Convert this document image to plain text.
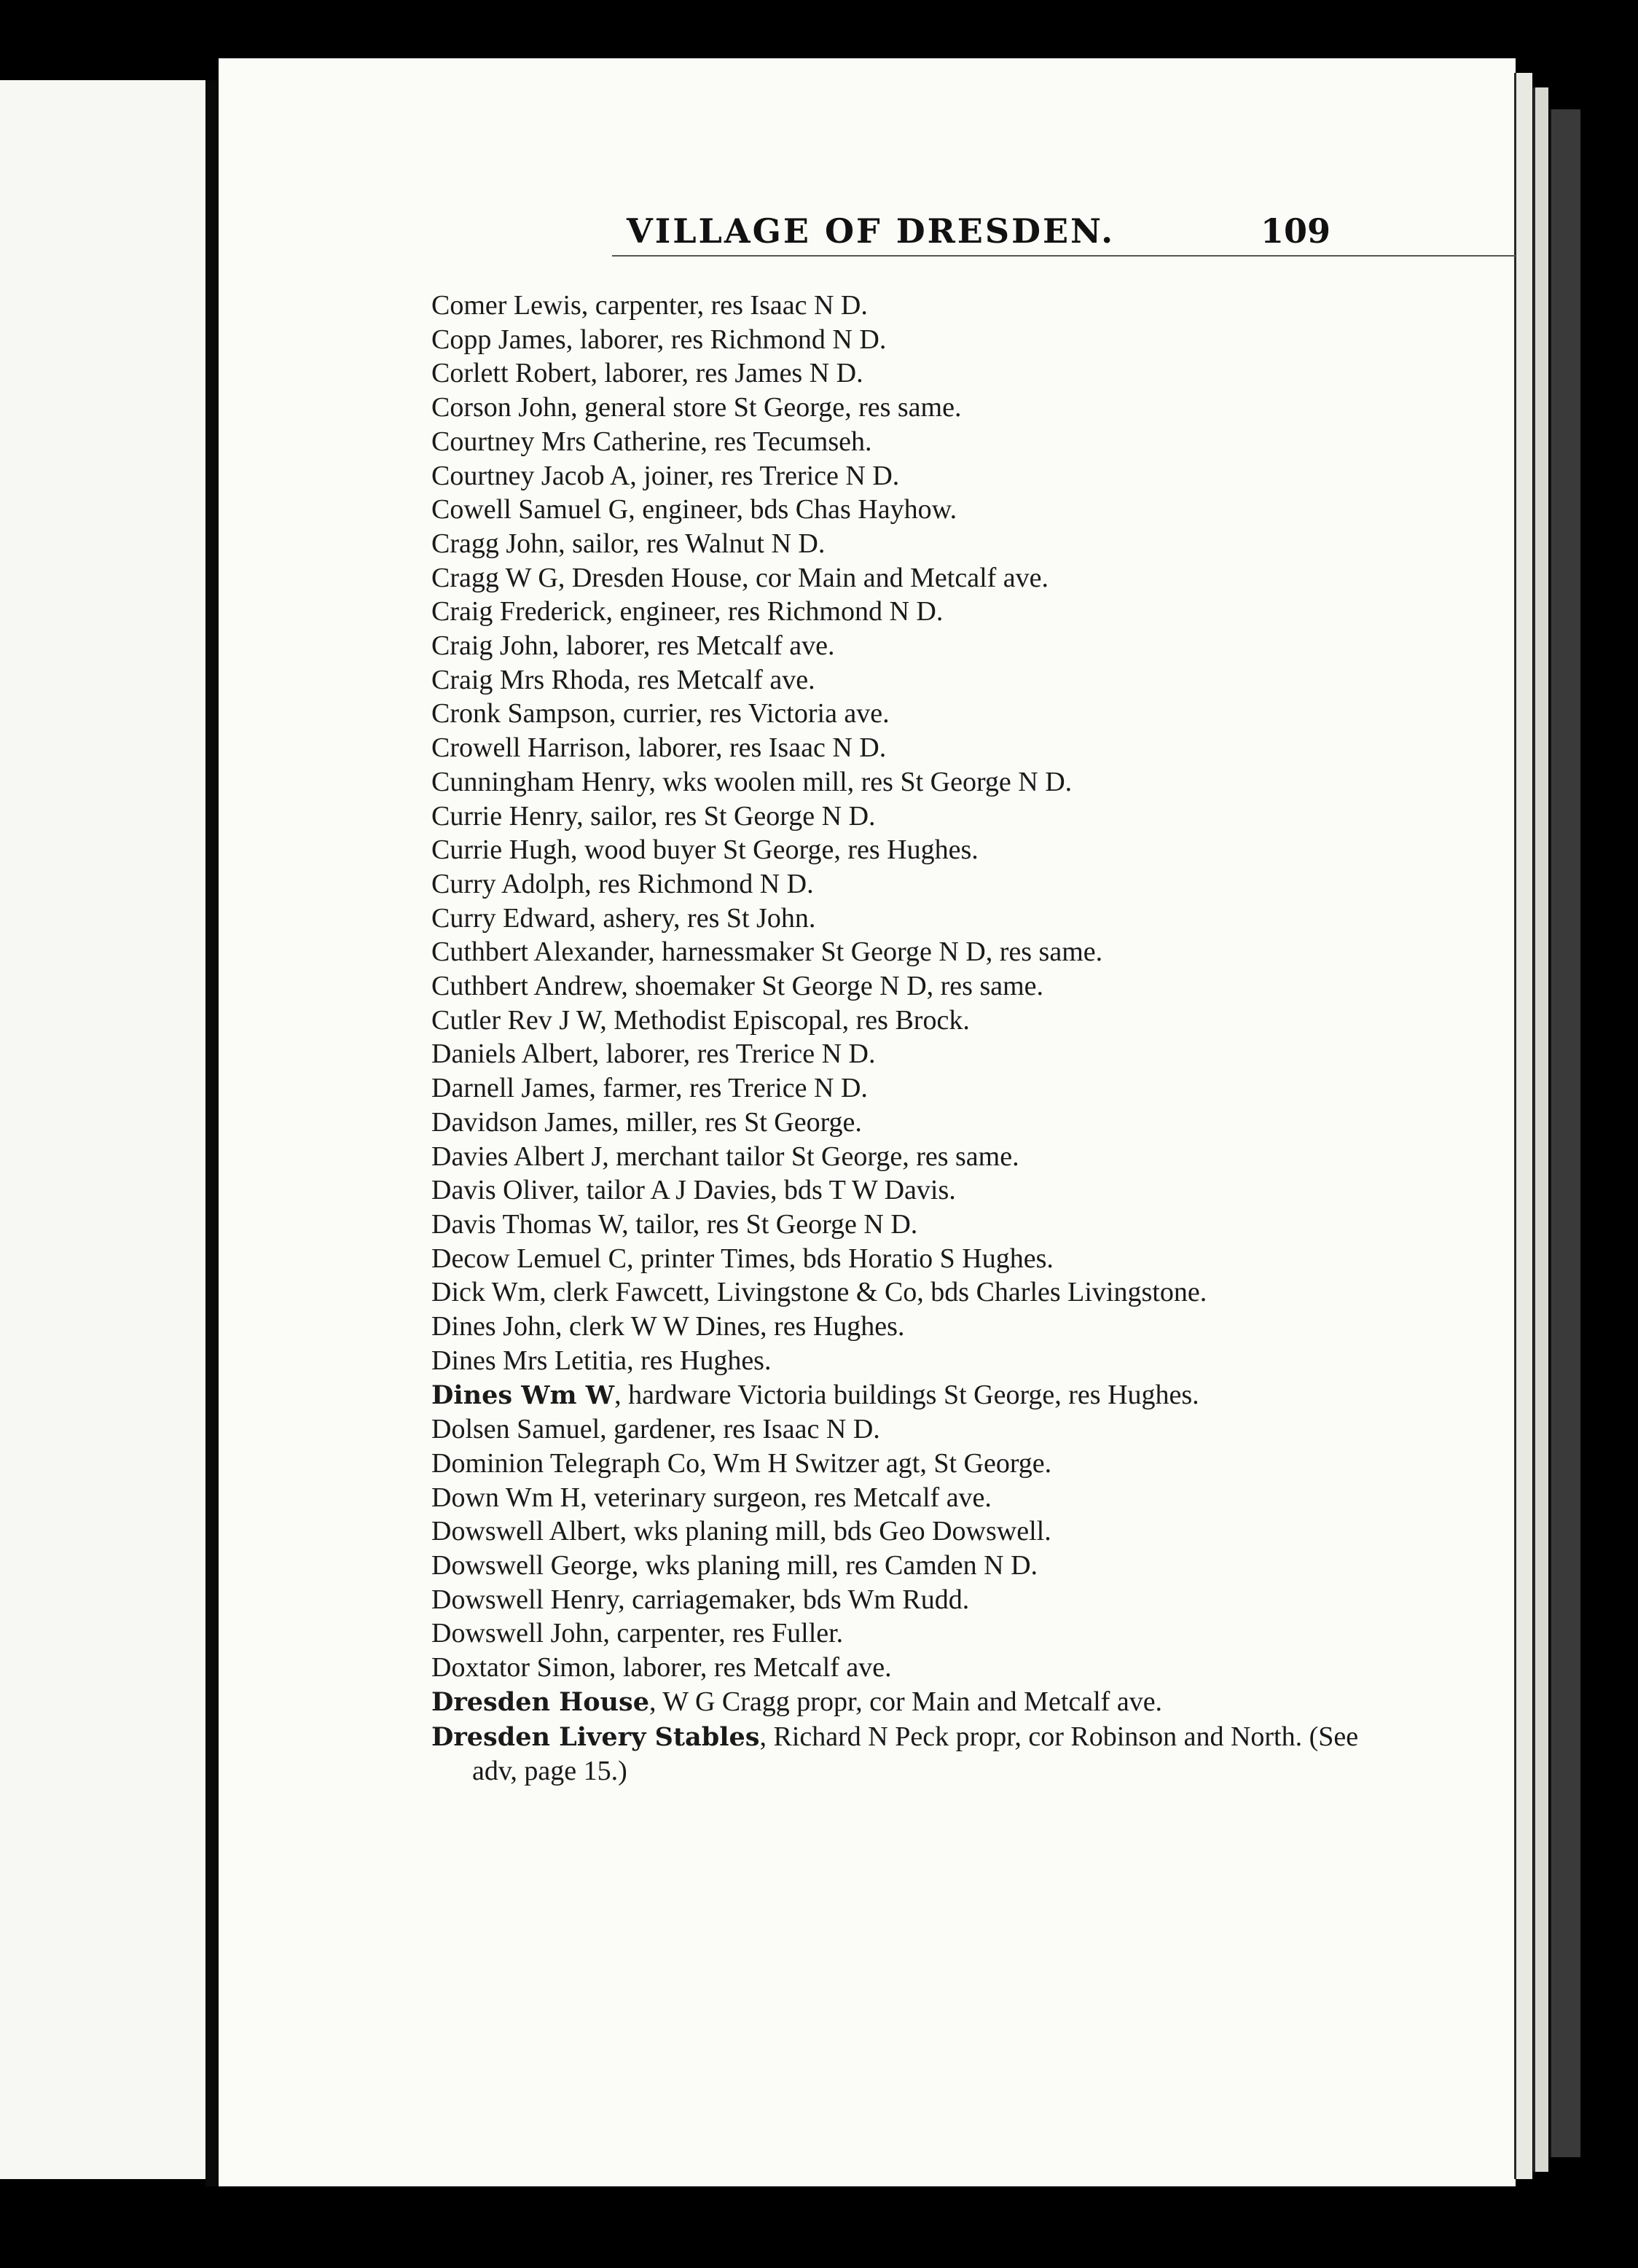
VILLAGE OF DRESDEN.	109
Comer Lewis, carpenter, res Isaac N D.
Copp James, laborer, res Richmond N D.
Corlett Robert, laborer, res James N D.
Corson John, general store St George, res same.
Courtney Mrs Catherine, res Tecumseh.
Courtney Jacob A, joiner, res Trerice N D.
Cowell Samuel G, engineer, bds Chas Hayhow.
Cragg John, sailor, res Walnut N D.
Cragg W G, Dresden House, cor Main and Metcalf ave.
Craig Frederick, engineer, res Richmond N D.
Craig John, laborer, res Metcalf ave.
Craig Mrs Rhoda, res Metcalf ave.
Cronk Sampson, currier, res Victoria ave.
Crowell Harrison, laborer, res Isaac N D.
Cunningham Henry, wks woolen mill, res St George N D.
Currie Henry, sailor, res St George N D.
Currie Hugh, wood buyer St George, res Hughes.
Curry Adolph, res Richmond N D.
Curry Edward, ashery, res St John.
Cuthbert Alexander, harnessmaker St George N D, res same.
Cuthbert Andrew, shoemaker St George N D, res same.
Cutler Rev J W, Methodist Episcopal, res Brock.
Daniels Albert, laborer, res Trerice N D.
Darnell James, farmer, res Trerice N D.
Davidson James, miller, res St George.
Davies Albert J, merchant tailor St George, res same.
Davis Oliver, tailor A J Davies, bds T W Davis.
Davis Thomas W, tailor, res St George N D.
Decow Lemuel C, printer Times, bds Horatio S Hughes.
Dick Wm, clerk Fawcett, Livingstone & Co, bds Charles Livingstone.
Dines John, clerk W W Dines, res Hughes.
Dines Mrs Letitia, res Hughes.
Dines Wm W, hardware Victoria buildings St George, res Hughes.
Dolsen Samuel, gardener, res Isaac N D.
Dominion Telegraph Co, Wm H Switzer agt, St George.
Down Wm H, veterinary surgeon, res Metcalf ave.
Dowswell Albert, wks planing mill, bds Geo Dowswell.
Dowswell George, wks planing mill, res Camden N D.
Dowswell Henry, carriagemaker, bds Wm Rudd.
Dowswell John, carpenter, res Fuller.
Doxtator Simon, laborer, res Metcalf ave.
Dresden House, W G Cragg propr, cor Main and Metcalf ave.
Dresden Livery Stables, Richard N Peck propr, cor Robinson and North. (See adv, page 15.)
